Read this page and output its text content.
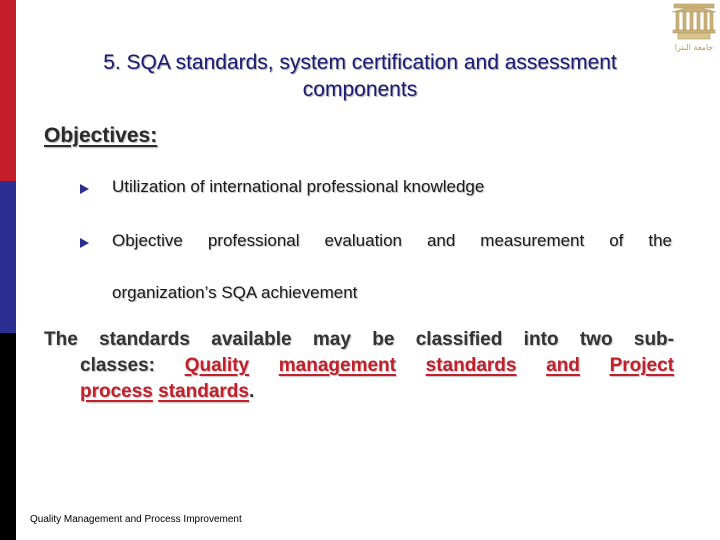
جامعة البترا
5. SQA standards, system certification and assessment
components
Objectives:
Utilization of international professional knowledge
Objective professional evaluation and measurement of the
organization’s SQA achievement
The standards available may be classified into two sub-
classes: Quality management standards and Project
process standards.
Quality Management and Process Improvement
